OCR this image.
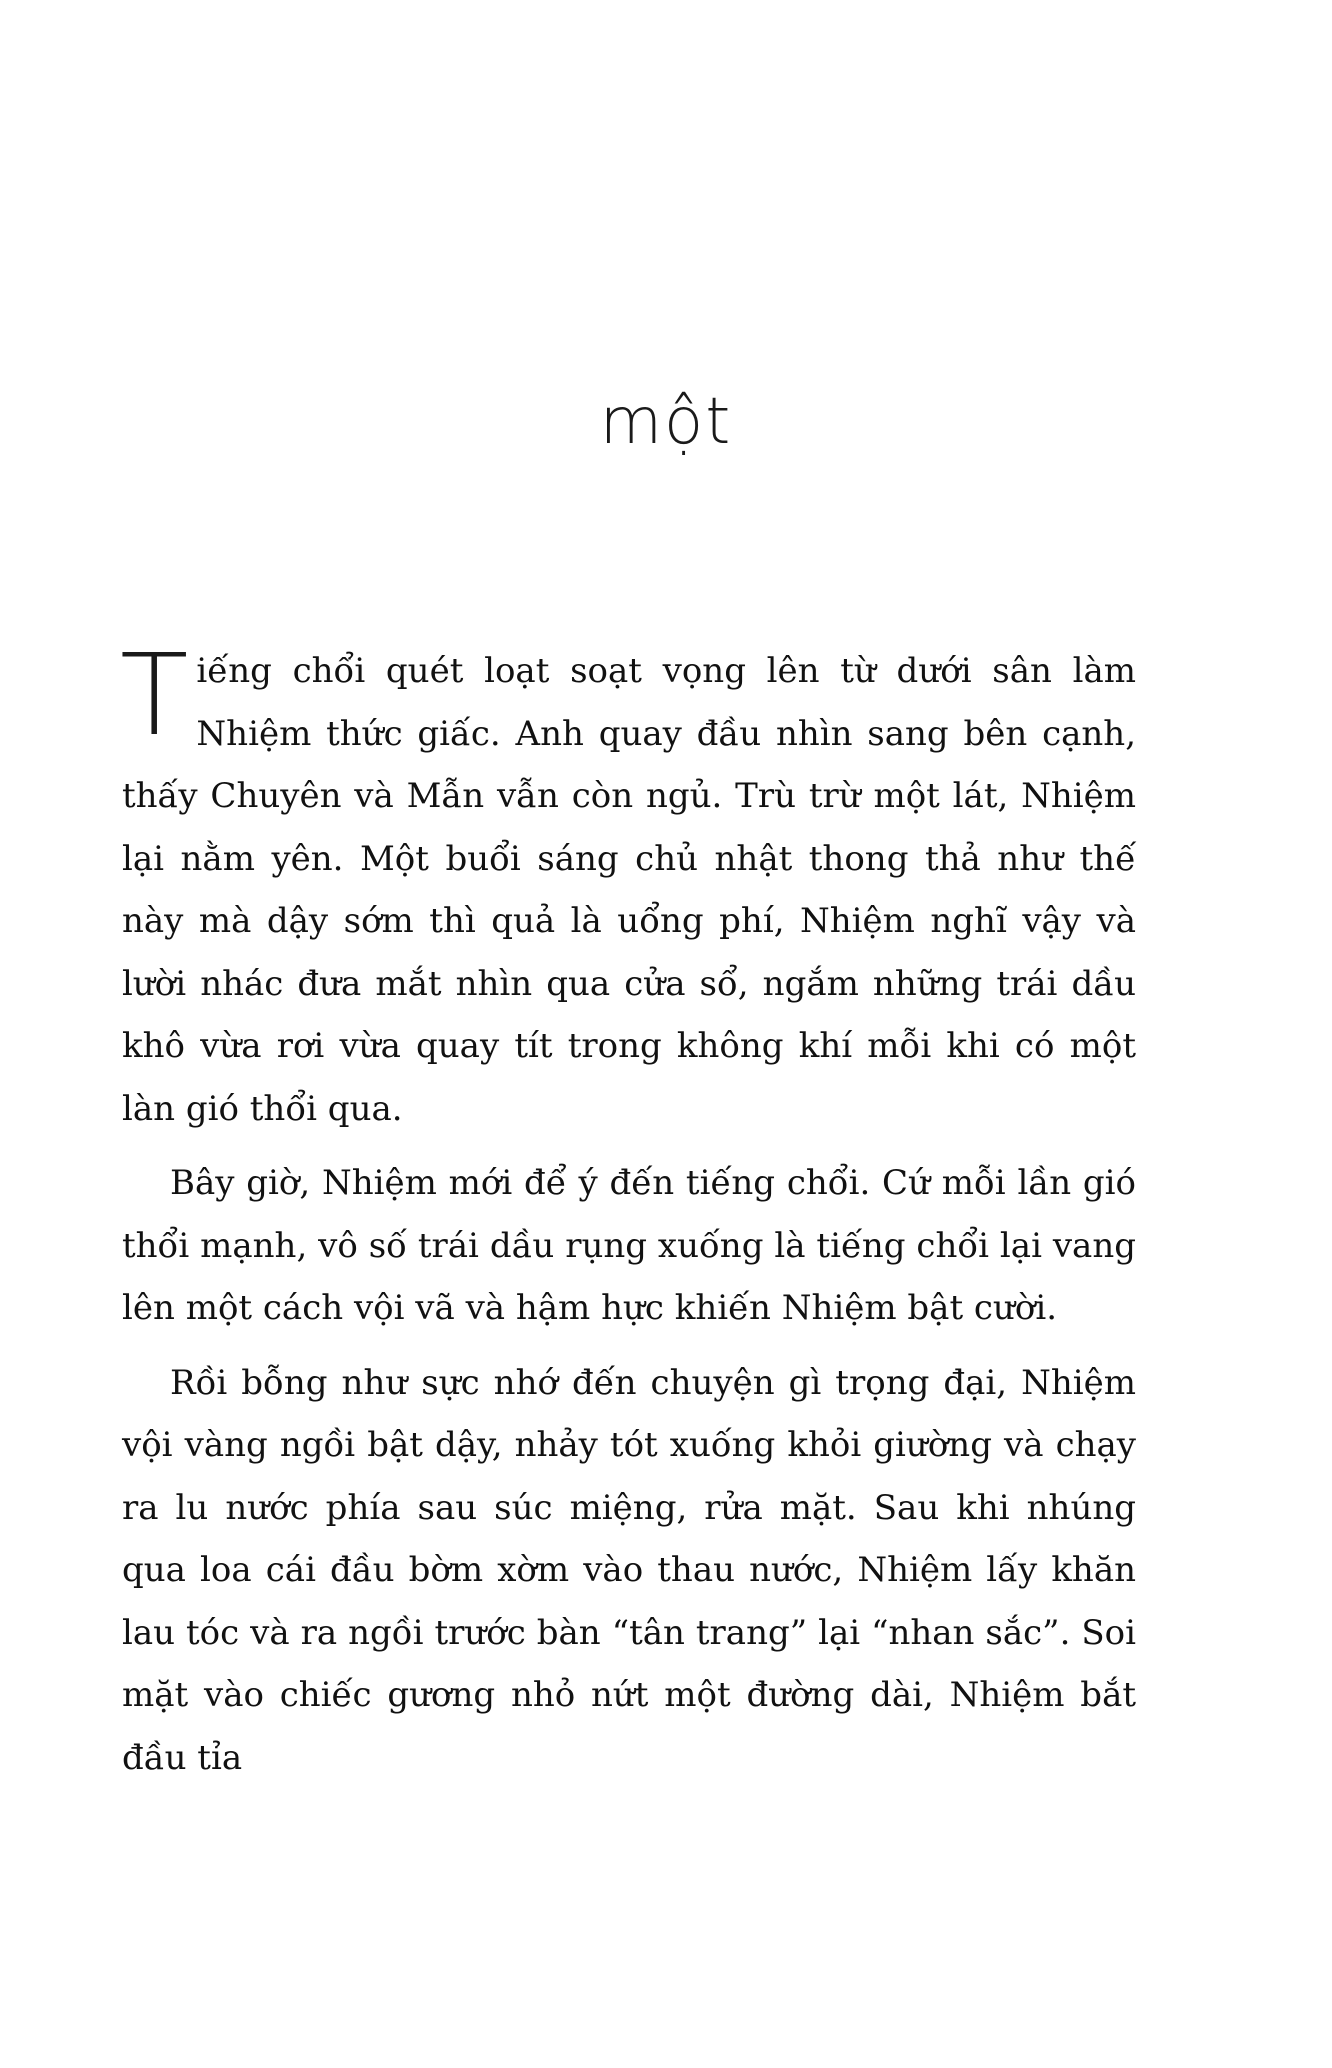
một

Tiếng chổi quét loạt soạt vọng lên từ dưới sân làm Nhiệm thức giấc. Anh quay đầu nhìn sang bên cạnh, thấy Chuyên và Mẫn vẫn còn ngủ. Trù trừ một lát, Nhiệm lại nằm yên. Một buổi sáng chủ nhật thong thả như thế này mà dậy sớm thì quả là uổng phí, Nhiệm nghĩ vậy và lười nhác đưa mắt nhìn qua cửa sổ, ngắm những trái dầu khô vừa rơi vừa quay tít trong không khí mỗi khi có một làn gió thổi qua.

Bây giờ, Nhiệm mới để ý đến tiếng chổi. Cứ mỗi lần gió thổi mạnh, vô số trái dầu rụng xuống là tiếng chổi lại vang lên một cách vội vã và hậm hực khiến Nhiệm bật cười.

Rồi bỗng như sực nhớ đến chuyện gì trọng đại, Nhiệm vội vàng ngồi bật dậy, nhảy tót xuống khỏi giường và chạy ra lu nước phía sau súc miệng, rửa mặt. Sau khi nhúng qua loa cái đầu bờm xờm vào thau nước, Nhiệm lấy khăn lau tóc và ra ngồi trước bàn “tân trang” lại “nhan sắc”. Soi mặt vào chiếc gương nhỏ nứt một đường dài, Nhiệm bắt đầu tỉa
